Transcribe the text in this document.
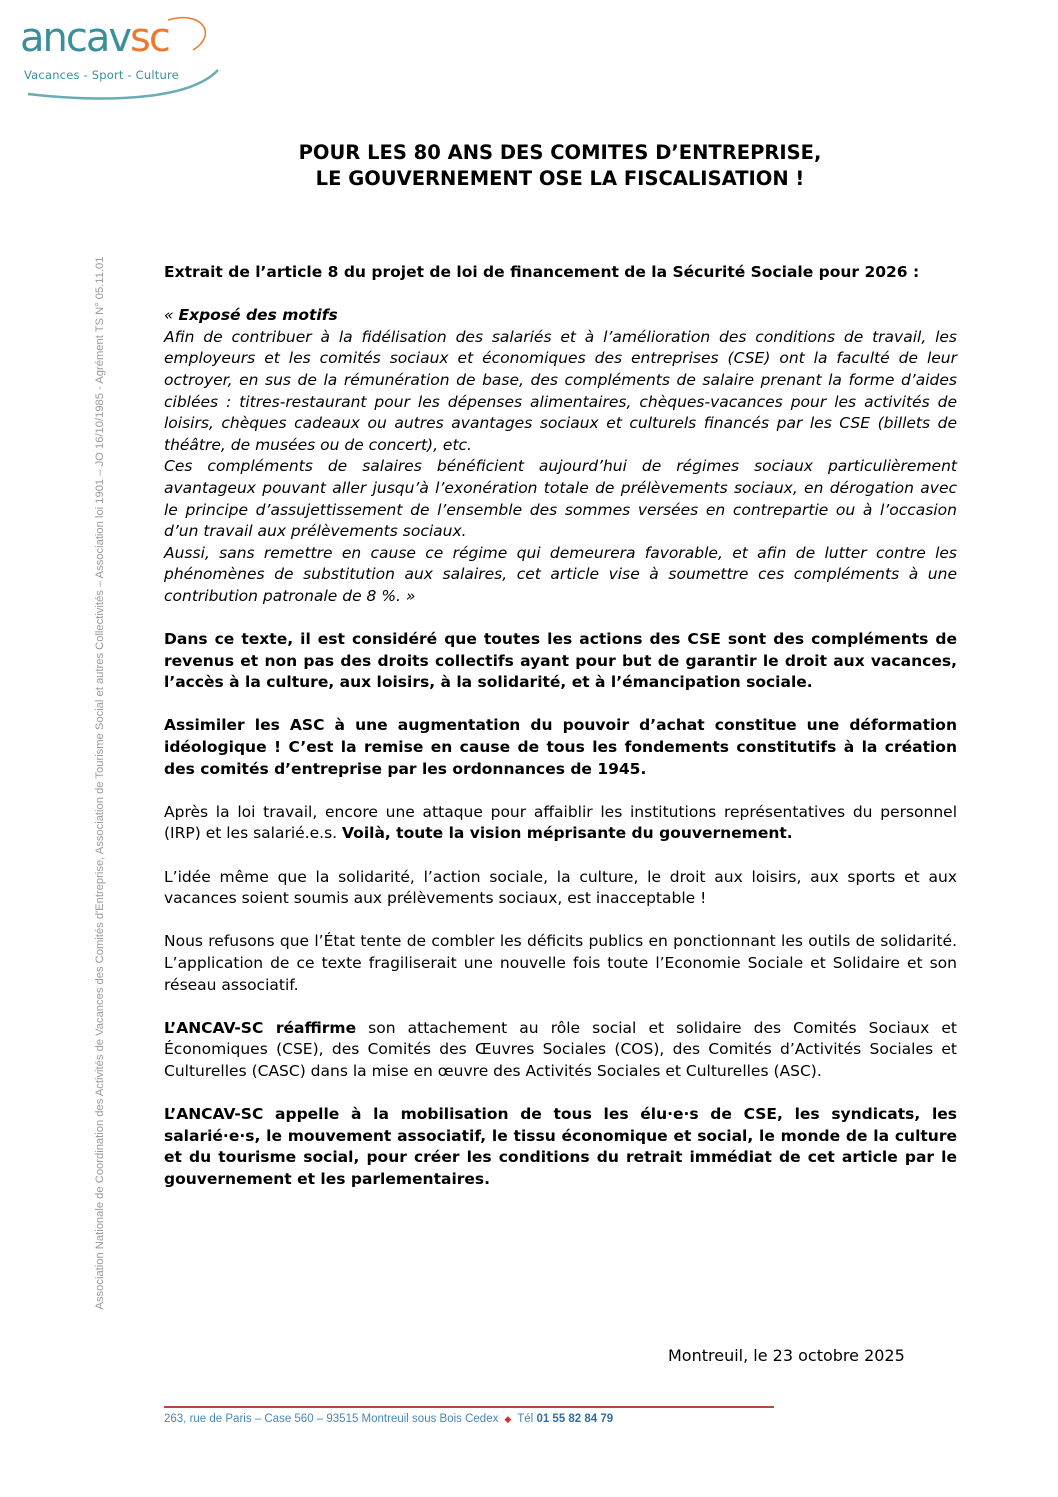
ancavsc
Vacances - Sport - Culture
POUR LES 80 ANS DES COMITES D’ENTREPRISE,
LE GOUVERNEMENT OSE LA FISCALISATION !
Association Nationale de Coordination des Activités de Vacances des Comités d'Entreprise, Association de Tourisme Social et autres Collectivités – Association loi 1901 – JO 16/10/1985 - Agrément TS N° 05.11.01	Extrait de l’article 8 du projet de loi de financement de la Sécurité Sociale pour 2026 :

« Exposé des motifs

Afin de contribuer à la fidélisation des salariés et à l’amélioration des conditions de travail, les employeurs et les comités sociaux et économiques des entreprises (CSE) ont la faculté de leur octroyer, en sus de la rémunération de base, des compléments de salaire prenant la forme d’aides ciblées : titres-restaurant pour les dépenses alimentaires, chèques-vacances pour les activités de loisirs, chèques cadeaux ou autres avantages sociaux et culturels financés par les CSE (billets de théâtre, de musées ou de concert), etc.

Ces compléments de salaires bénéficient aujourd’hui de régimes sociaux particulièrement avantageux pouvant aller jusqu’à l’exonération totale de prélèvements sociaux, en dérogation avec le principe d’assujettissement de l’ensemble des sommes versées en contrepartie ou à l’occasion d’un travail aux prélèvements sociaux.

Aussi, sans remettre en cause ce régime qui demeurera favorable, et afin de lutter contre les phénomènes de substitution aux salaires, cet article vise à soumettre ces compléments à une contribution patronale de 8 %. »

Dans ce texte, il est considéré que toutes les actions des CSE sont des compléments de revenus et non pas des droits collectifs ayant pour but de garantir le droit aux vacances, l’accès à la culture, aux loisirs, à la solidarité, et à l’émancipation sociale.

Assimiler les ASC à une augmentation du pouvoir d’achat constitue une déformation idéologique ! C’est la remise en cause de tous les fondements constitutifs à la création des comités d’entreprise par les ordonnances de 1945.

Après la loi travail, encore une attaque pour affaiblir les institutions représentatives du personnel (IRP) et les salarié.e.s. Voilà, toute la vision méprisante du gouvernement.

L’idée même que la solidarité, l’action sociale, la culture, le droit aux loisirs, aux sports et aux vacances soient soumis aux prélèvements sociaux, est inacceptable !

Nous refusons que l’État tente de combler les déficits publics en ponctionnant les outils de solidarité. L’application de ce texte fragiliserait une nouvelle fois toute l’Economie Sociale et Solidaire et son réseau associatif.

L’ANCAV-SC réaffirme son attachement au rôle social et solidaire des Comités Sociaux et Économiques (CSE), des Comités des Œuvres Sociales (COS), des Comités d’Activités Sociales et Culturelles (CASC) dans la mise en œuvre des Activités Sociales et Culturelles (ASC).

L’ANCAV-SC appelle à la mobilisation de tous les élu·e·s de CSE, les syndicats, les salarié·e·s, le mouvement associatif, le tissu économique et social, le monde de la culture et du tourisme social, pour créer les conditions du retrait immédiat de cet article par le gouvernement et les parlementaires.

Montreuil, le 23 octobre 2025
263, rue de Paris – Case 560 – 93515 Montreuil sous Bois Cedex ◆ Tél 01 55 82 84 79
